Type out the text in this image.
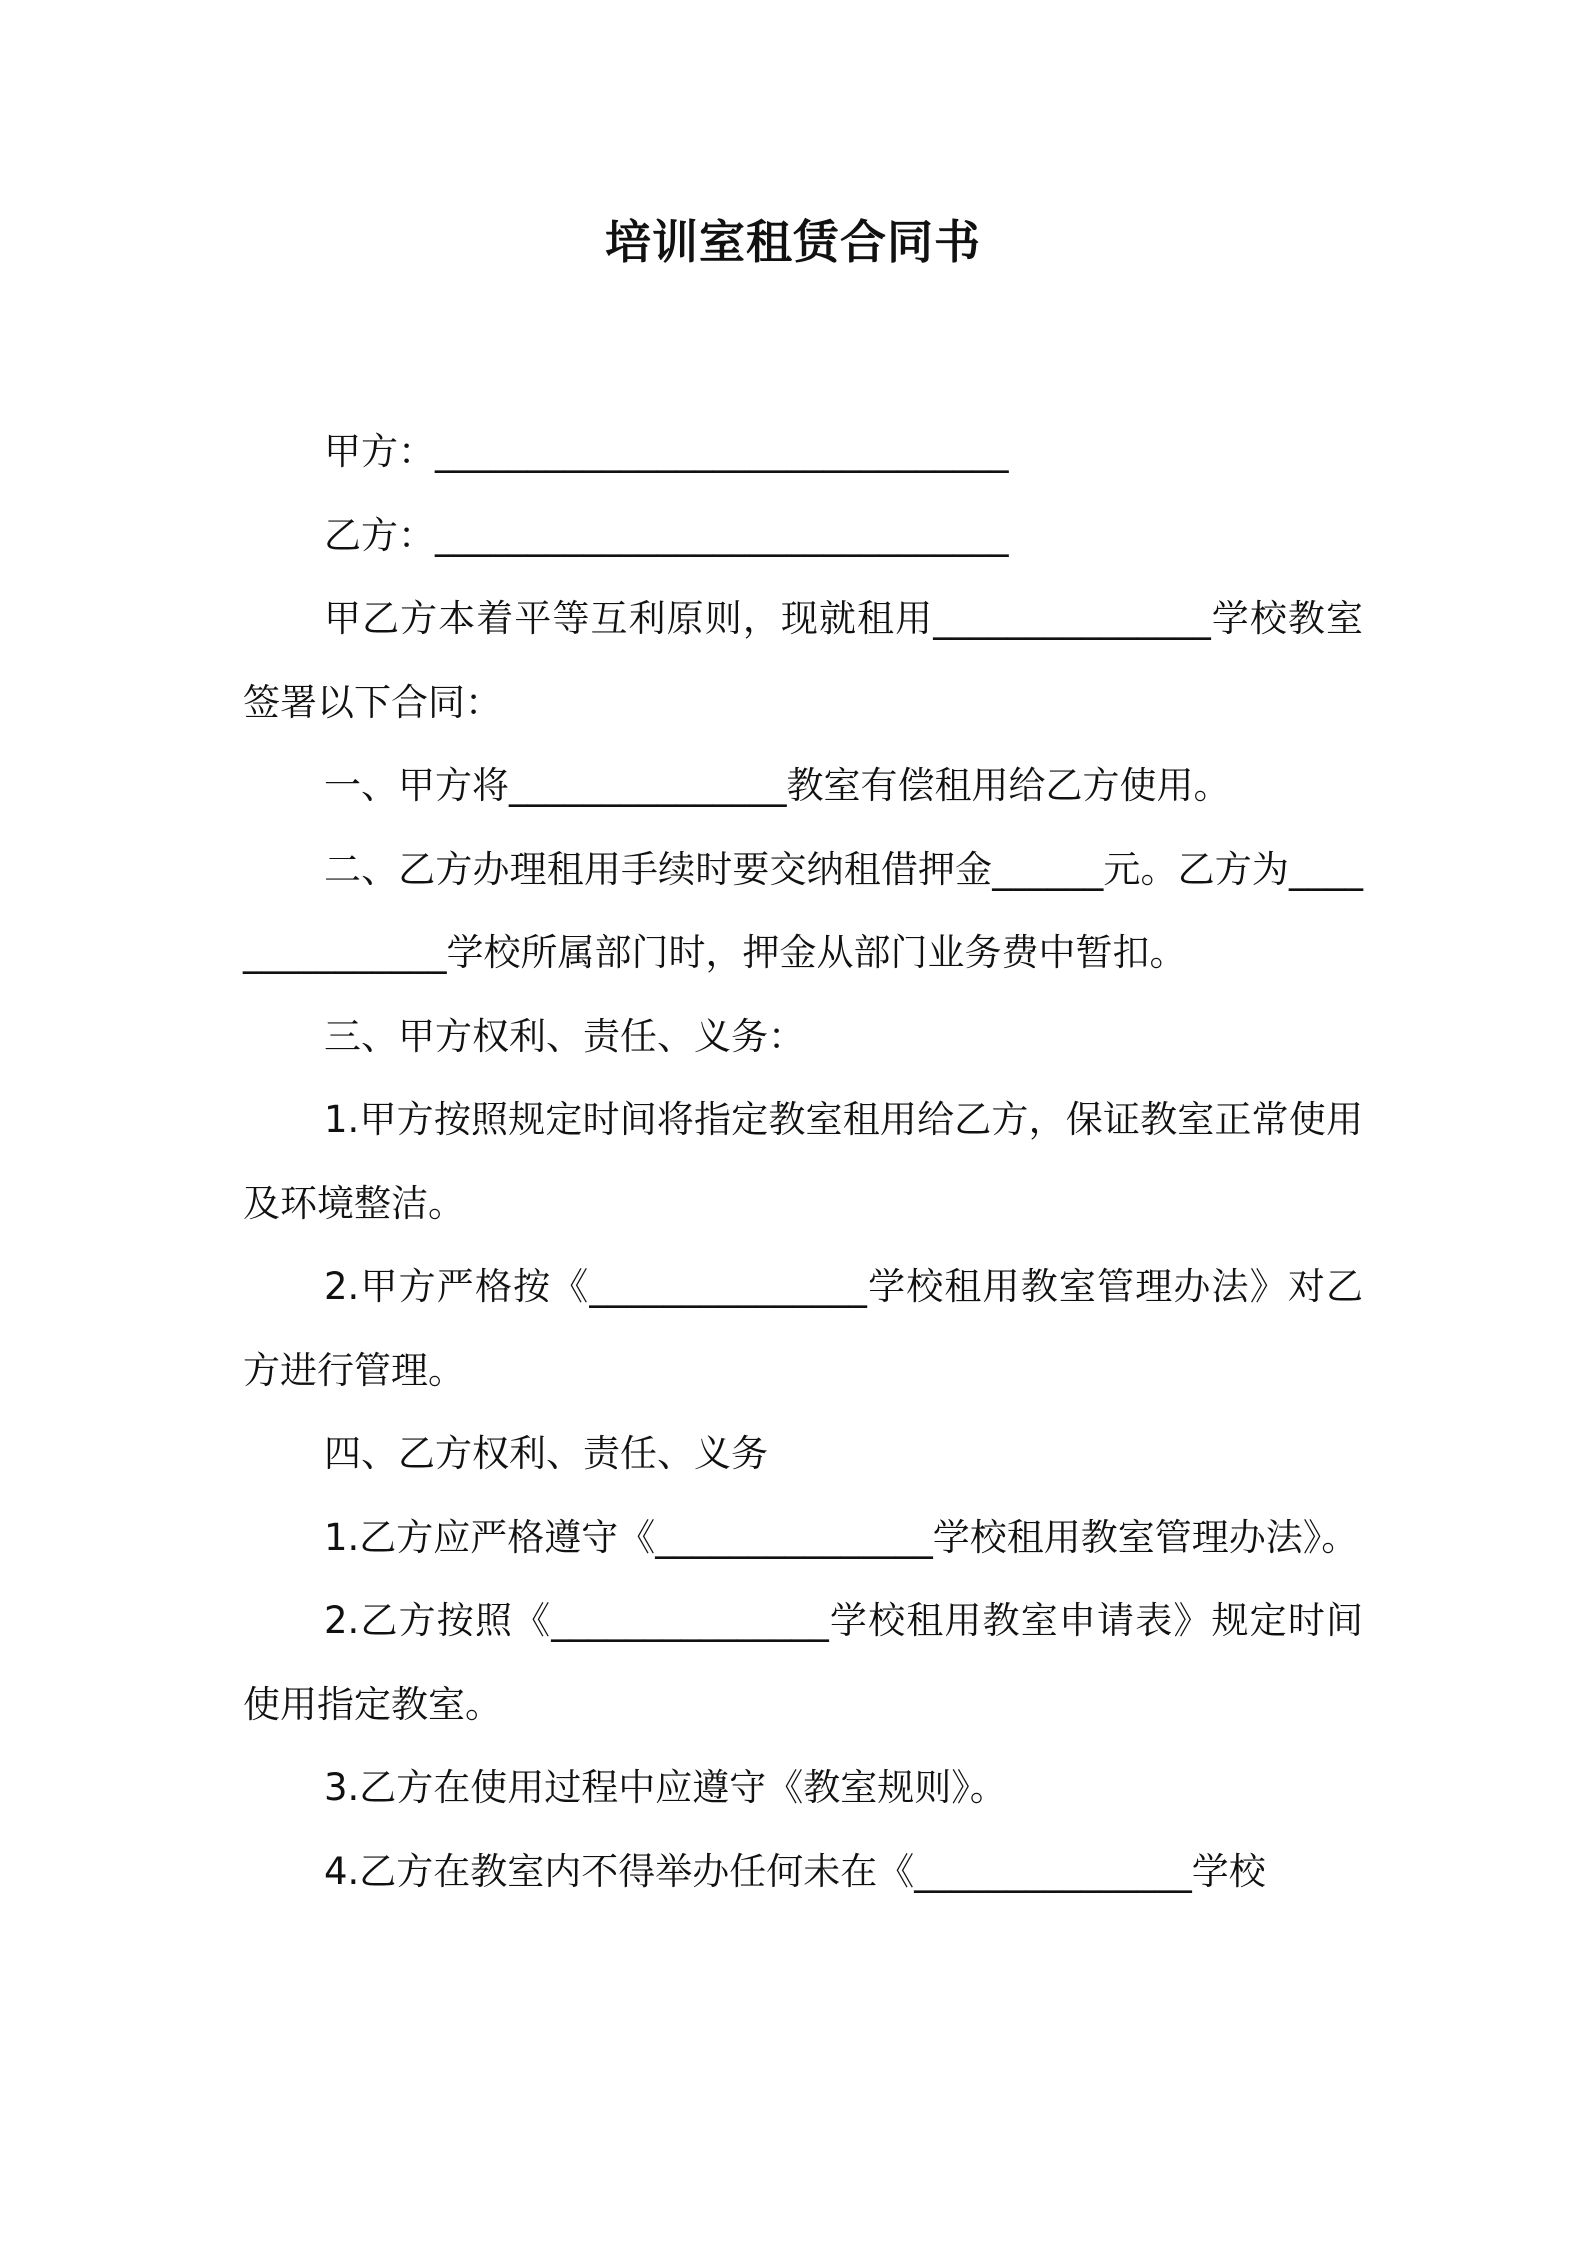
培训室租赁合同书

甲方：_______________________________

乙方：_______________________________

甲乙方本着平等互利原则，现就租用_______________学校教室签署以下合同：

一、甲方将_______________教室有偿租用给乙方使用。

二、乙方办理租用手续时要交纳租借押金______元。乙方为_______________学校所属部门时，押金从部门业务费中暂扣。

三、甲方权利、责任、义务：

1.甲方按照规定时间将指定教室租用给乙方，保证教室正常使用及环境整洁。

2.甲方严格按《_______________学校租用教室管理办法》对乙方进行管理。

四、乙方权利、责任、义务

1.乙方应严格遵守《_______________学校租用教室管理办法》。

2.乙方按照《_______________学校租用教室申请表》规定时间使用指定教室。

3.乙方在使用过程中应遵守《教室规则》。

4.乙方在教室内不得举办任何未在《_______________学校
